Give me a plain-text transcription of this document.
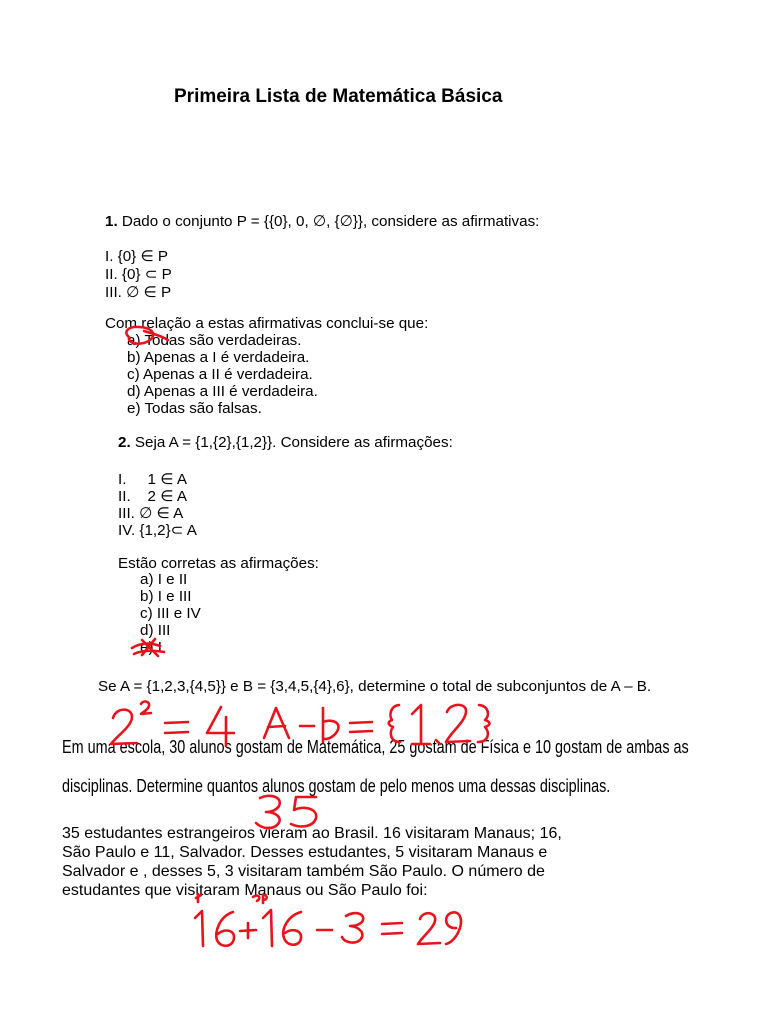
Primeira Lista de Matemática Básica
1. Dado o conjunto P = {{0}, 0, ∅, {∅}}, considere as afirmativas:
I. {0} ∈ P
II. {0} ⊂ P
III. ∅ ∈ P
Com relação a estas afirmativas conclui-se que:
a) Todas são verdadeiras.
b) Apenas a I é verdadeira.
c) Apenas a II é verdadeira.
d) Apenas a III é verdadeira.
e) Todas são falsas.
2. Seja A = {1,{2},{1,2}}. Considere as afirmações:
I.     1 ∈ A
II.    2 ∈ A
III. ∅ ∈ A
IV. {1,2}⊂ A
Estão corretas as afirmações:
a) I e II
b) I e III
c) III e IV
d) III
e) I
Se A = {1,2,3,{4,5}} e B = {3,4,5,{4},6}, determine o total de subconjuntos de A – B.
Em uma escola, 30 alunos gostam de Matemática, 25 gostam de Física e 10 gostam de ambas as
disciplinas. Determine quantos alunos gostam de pelo menos uma dessas disciplinas.
35 estudantes estrangeiros vieram ao Brasil. 16 visitaram Manaus; 16,
São Paulo e 11, Salvador. Desses estudantes, 5 visitaram Manaus e
Salvador e , desses 5, 3 visitaram também São Paulo. O número de
estudantes que visitaram Manaus ou São Paulo foi:
